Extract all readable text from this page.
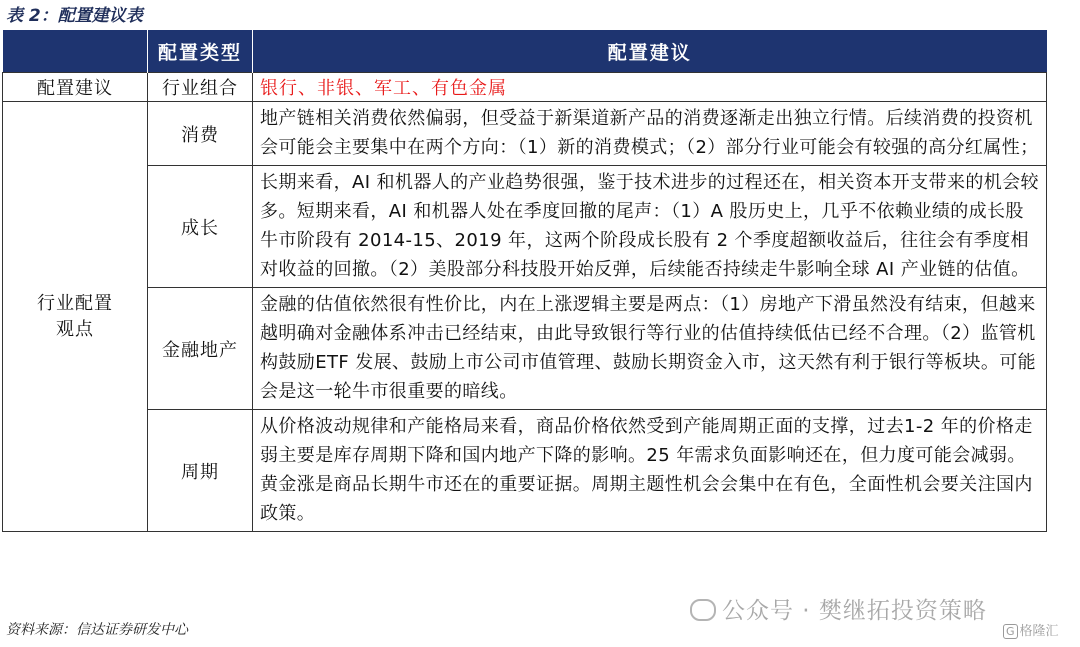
表 2：配置建议表
	配置类型	配置建议
配置建议	行业组合	银行、非银、军工、有色金属

行业配置
观点	消费	地产链相关消费依然偏弱，但受益于新渠道新产品的消费逐渐走出独立行情。后续消费的投资机会可能会主要集中在两个方向：（1）新的消费模式；（2）部分行业可能会有较强的高分红属性；
	成长	长期来看，AI 和机器人的产业趋势很强，鉴于技术进步的过程还在，相关资本开支带来的机会较多。短期来看，AI 和机器人处在季度回撤的尾声：（1）A 股历史上，几乎不依赖业绩的成长股牛市阶段有 2014-15、2019 年，这两个阶段成长股有 2 个季度超额收益后，往往会有季度相对收益的回撤。（2）美股部分科技股开始反弹，后续能否持续走牛影响全球 AI 产业链的估值。
	金融地产	金融的估值依然很有性价比，内在上涨逻辑主要是两点：（1）房地产下滑虽然没有结束，但越来越明确对金融体系冲击已经结束，由此导致银行等行业的估值持续低估已经不合理。（2）监管机构鼓励ETF 发展、鼓励上市公司市值管理、鼓励长期资金入市，这天然有利于银行等板块。可能会是这一轮牛市很重要的暗线。
	周期	从价格波动规律和产能格局来看，商品价格依然受到产能周期正面的支撑，过去1-2 年的价格走弱主要是库存周期下降和国内地产下降的影响。25 年需求负面影响还在，但力度可能会减弱。黄金涨是商品长期牛市还在的重要证据。周期主题性机会会集中在有色，全面性机会要关注国内政策。
资料来源：信达证券研发中心
公众号 · 樊继拓投资策略
G 格隆汇
